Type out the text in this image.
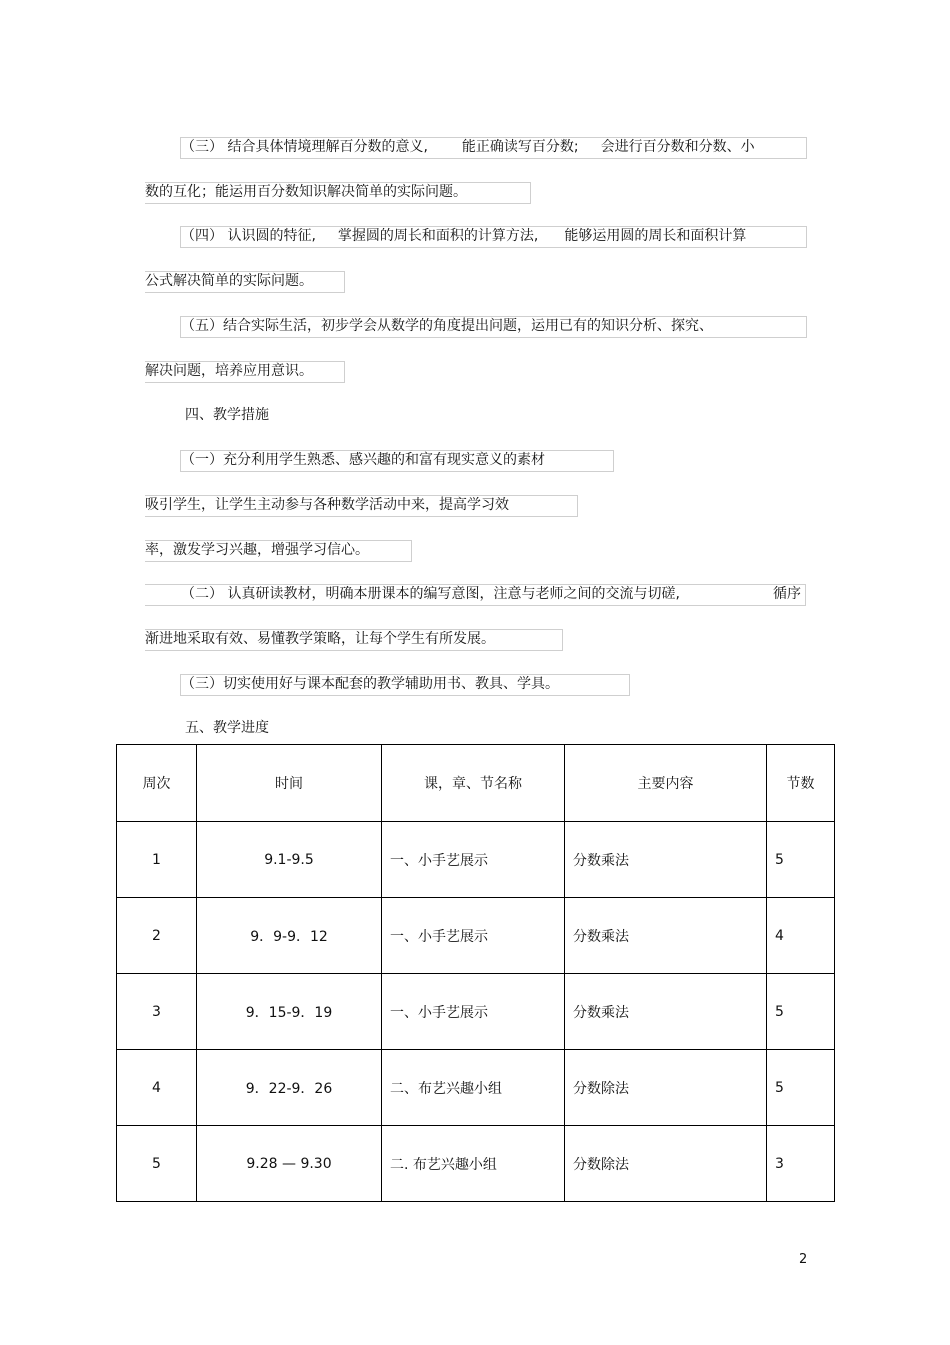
（三） 结合具体情境理解百分数的意义, 能正确读写百分数; 会进行百分数和分数、小
数的互化；能运用百分数知识解决简单的实际问题。
（四） 认识圆的特征, 掌握圆的周长和面积的计算方法, 能够运用圆的周长和面积计算
公式解决简单的实际问题。
（五）结合实际生活，初步学会从数学的角度提出问题，运用已有的知识分析、探究、
解决问题，培养应用意识。
四、教学措施
（一）充分利用学生熟悉、感兴趣的和富有现实意义的素材
吸引学生，让学生主动参与各种数学活动中来，提高学习效
率，激发学习兴趣，增强学习信心。
（二） 认真研读教材，明确本册课本的编写意图，注意与老师之间的交流与切磋,	循序
渐进地采取有效、易懂教学策略，让每个学生有所发展。
（三）切实使用好与课本配套的教学辅助用书、教具、学具。
五、教学进度
周次	时间	课，章、节名称	主要内容	节数
1	9.1-9.5	一、小手艺展示	分数乘法	5
2	9．9-9．12	一、小手艺展示	分数乘法	4
3	9．15-9．19	一、小手艺展示	分数乘法	5
4	9．22-9．26	二、布艺兴趣小组	分数除法	5
5	9.28 — 9.30	二. 布艺兴趣小组	分数除法	3
2
